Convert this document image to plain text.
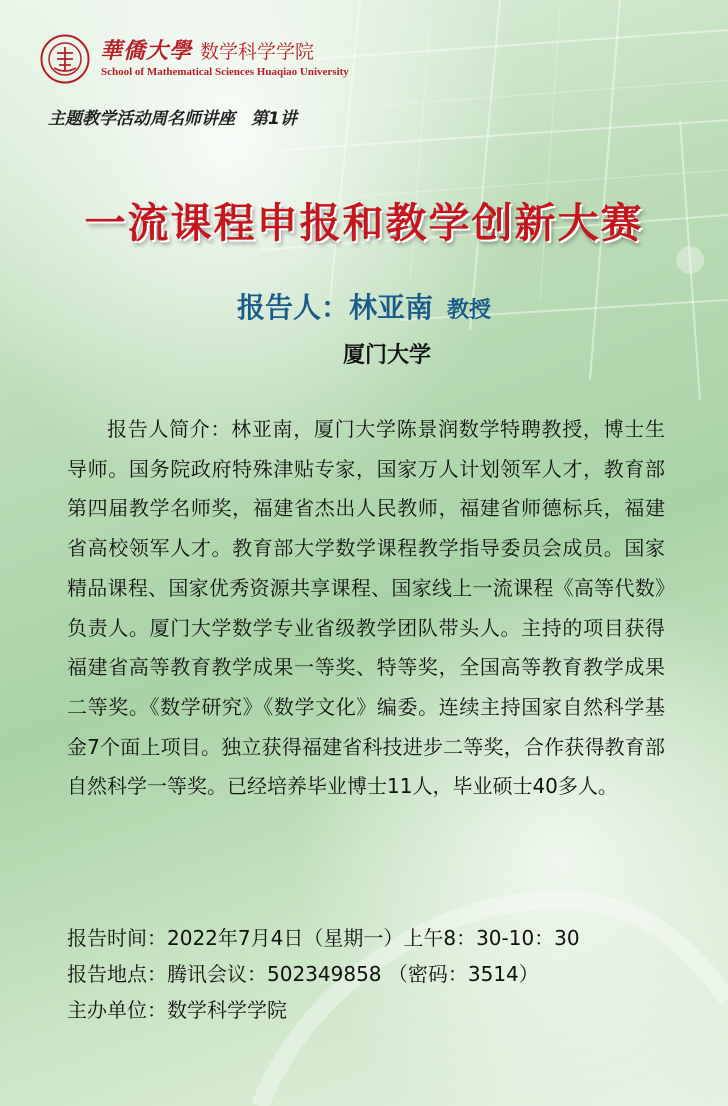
華僑大學 数学科学学院

School of Mathematical Sciences Huaqiao University

主题教学活动周名师讲座 第1讲

一流课程申报和教学创新大赛

报告人：林亚南 教授

厦门大学

报告人简介：林亚南，厦门大学陈景润数学特聘教授，博士生导师。国务院政府特殊津贴专家，国家万人计划领军人才，教育部第四届教学名师奖，福建省杰出人民教师，福建省师德标兵，福建省高校领军人才。教育部大学数学课程教学指导委员会成员。国家精品课程、国家优秀资源共享课程、国家线上一流课程《高等代数》负责人。厦门大学数学专业省级教学团队带头人。主持的项目获得福建省高等教育教学成果一等奖、特等奖，全国高等教育教学成果二等奖。《数学研究》《数学文化》编委。连续主持国家自然科学基金7个面上项目。独立获得福建省科技进步二等奖，合作获得教育部自然科学一等奖。已经培养毕业博士11人，毕业硕士40多人。

报告时间：2022年7月4日（星期一）上午8：30-10：30

报告地点：腾讯会议：502349858 （密码：3514）

主办单位：数学科学学院
